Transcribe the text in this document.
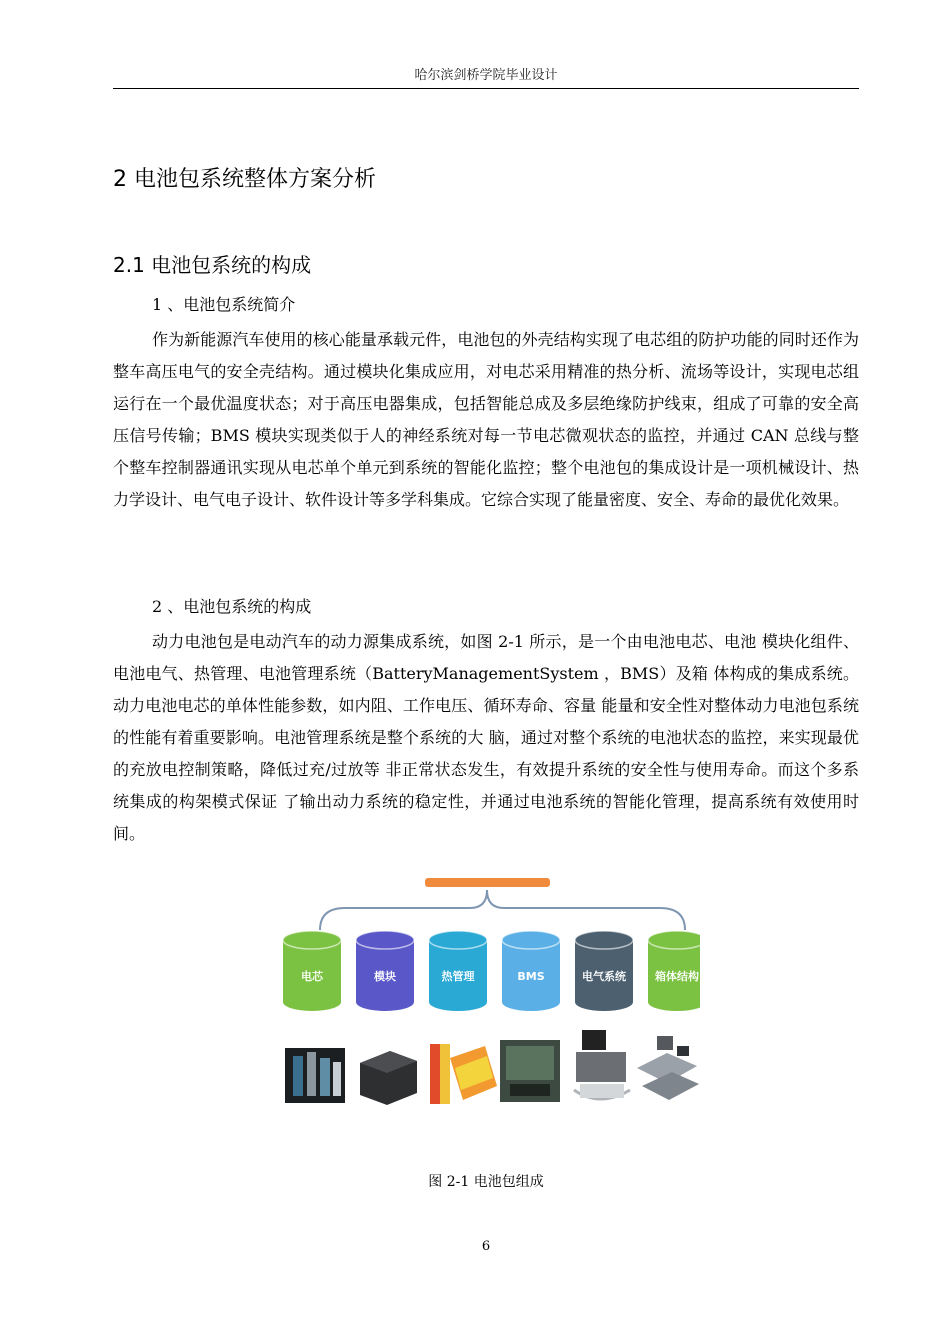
哈尔滨剑桥学院毕业设计
2 电池包系统整体方案分析
2.1 电池包系统的构成
1 、电池包系统简介
作为新能源汽车使用的核心能量承载元件，电池包的外壳结构实现了电芯组的防护功能的同时还作为整车高压电气的安全壳结构。通过模块化集成应用，对电芯采用精准的热分析、流场等设计，实现电芯组运行在一个最优温度状态；对于高压电器集成，包括智能总成及多层绝缘防护线束，组成了可靠的安全高压信号传输；BMS 模块实现类似于人的神经系统对每一节电芯微观状态的监控，并通过 CAN 总线与整个整车控制器通讯实现从电芯单个单元到系统的智能化监控；整个电池包的集成设计是一项机械设计、热力学设计、电气电子设计、软件设计等多学科集成。它综合实现了能量密度、安全、寿命的最优化效果。
2 、电池包系统的构成
动力电池包是电动汽车的动力源集成系统，如图 2-1 所示，是一个由电池电芯、电池 模块化组件、电池电气、热管理、电池管理系统（BatteryManagementSystem ，BMS）及箱 体构成的集成系统。动力电池电芯的单体性能参数，如内阻、工作电压、循环寿命、容量 能量和安全性对整体动力电池包系统的性能有着重要影响。电池管理系统是整个系统的大 脑，通过对整个系统的电池状态的监控，来实现最优的充放电控制策略，降低过充/过放等 非正常状态发生，有效提升系统的安全性与使用寿命。而这个多系统集成的构架模式保证 了输出动力系统的稳定性，并通过电池系统的智能化管理，提高系统有效使用时间。
电芯	模块	热管理	BMS	电气系统	箱体结构
图 2-1 电池包组成
6
